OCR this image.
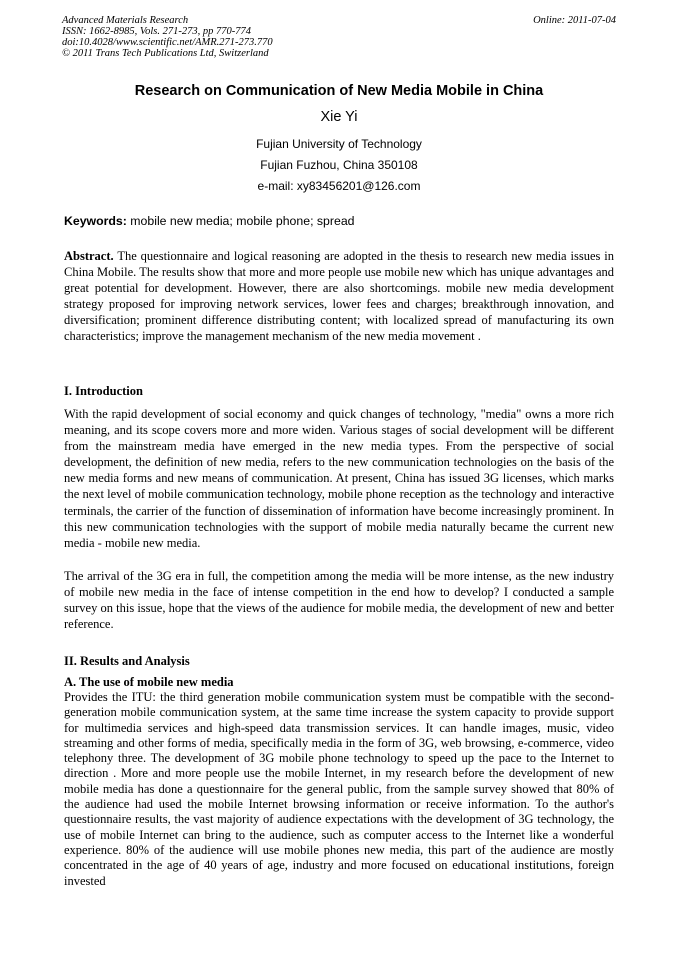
Advanced Materials Research
ISSN: 1662-8985, Vols. 271-273, pp 770-774
doi:10.4028/www.scientific.net/AMR.271-273.770
© 2011 Trans Tech Publications Ltd, Switzerland
Online: 2011-07-04
Research on Communication of New Media Mobile in China
Xie Yi
Fujian University of Technology
Fujian Fuzhou, China 350108
e-mail: xy83456201@126.com
Keywords: mobile new media; mobile phone; spread

Abstract. The questionnaire and logical reasoning are adopted in the thesis to research new media issues in China Mobile. The results show that more and more people use mobile new which has unique advantages and great potential for development. However, there are also shortcomings. mobile new media development strategy proposed for improving network services, lower fees and charges; breakthrough innovation, and diversification; prominent difference distributing content; with localized spread of manufacturing its own characteristics; improve the management mechanism of the new media movement .

I. Introduction

With the rapid development of social economy and quick changes of technology, "media" owns a more rich meaning, and its scope covers more and more widen. Various stages of social development will be different from the mainstream media have emerged in the new media types. From the perspective of social development, the definition of new media, refers to the new communication technologies on the basis of the new media forms and new means of communication. At present, China has issued 3G licenses, which marks the next level of mobile communication technology, mobile phone reception as the technology and interactive terminals, the carrier of the function of dissemination of information have become increasingly prominent. In this new communication technologies with the support of mobile media naturally became the current new media - mobile new media.

The arrival of the 3G era in full, the competition among the media will be more intense, as the new industry of mobile new media in the face of intense competition in the end how to develop? I conducted a sample survey on this issue, hope that the views of the audience for mobile media, the development of new and better reference.

II. Results and Analysis
A. The use of mobile new media

Provides the ITU: the third generation mobile communication system must be compatible with the second-generation mobile communication system, at the same time increase the system capacity to provide support for multimedia services and high-speed data transmission services. It can handle images, music, video streaming and other forms of media, specifically media in the form of 3G, web browsing, e-commerce, video telephony three. The development of 3G mobile phone technology to speed up the pace to the Internet to direction . More and more people use the mobile Internet, in my research before the development of new mobile media has done a questionnaire for the general public, from the sample survey showed that 80% of the audience had used the mobile Internet browsing information or receive information. To the author's questionnaire results, the vast majority of audience expectations with the development of 3G technology, the use of mobile Internet can bring to the audience, such as computer access to the Internet like a wonderful experience. 80% of the audience will use mobile phones new media, this part of the audience are mostly concentrated in the age of 40 years of age, industry and more focused on educational institutions, foreign invested
